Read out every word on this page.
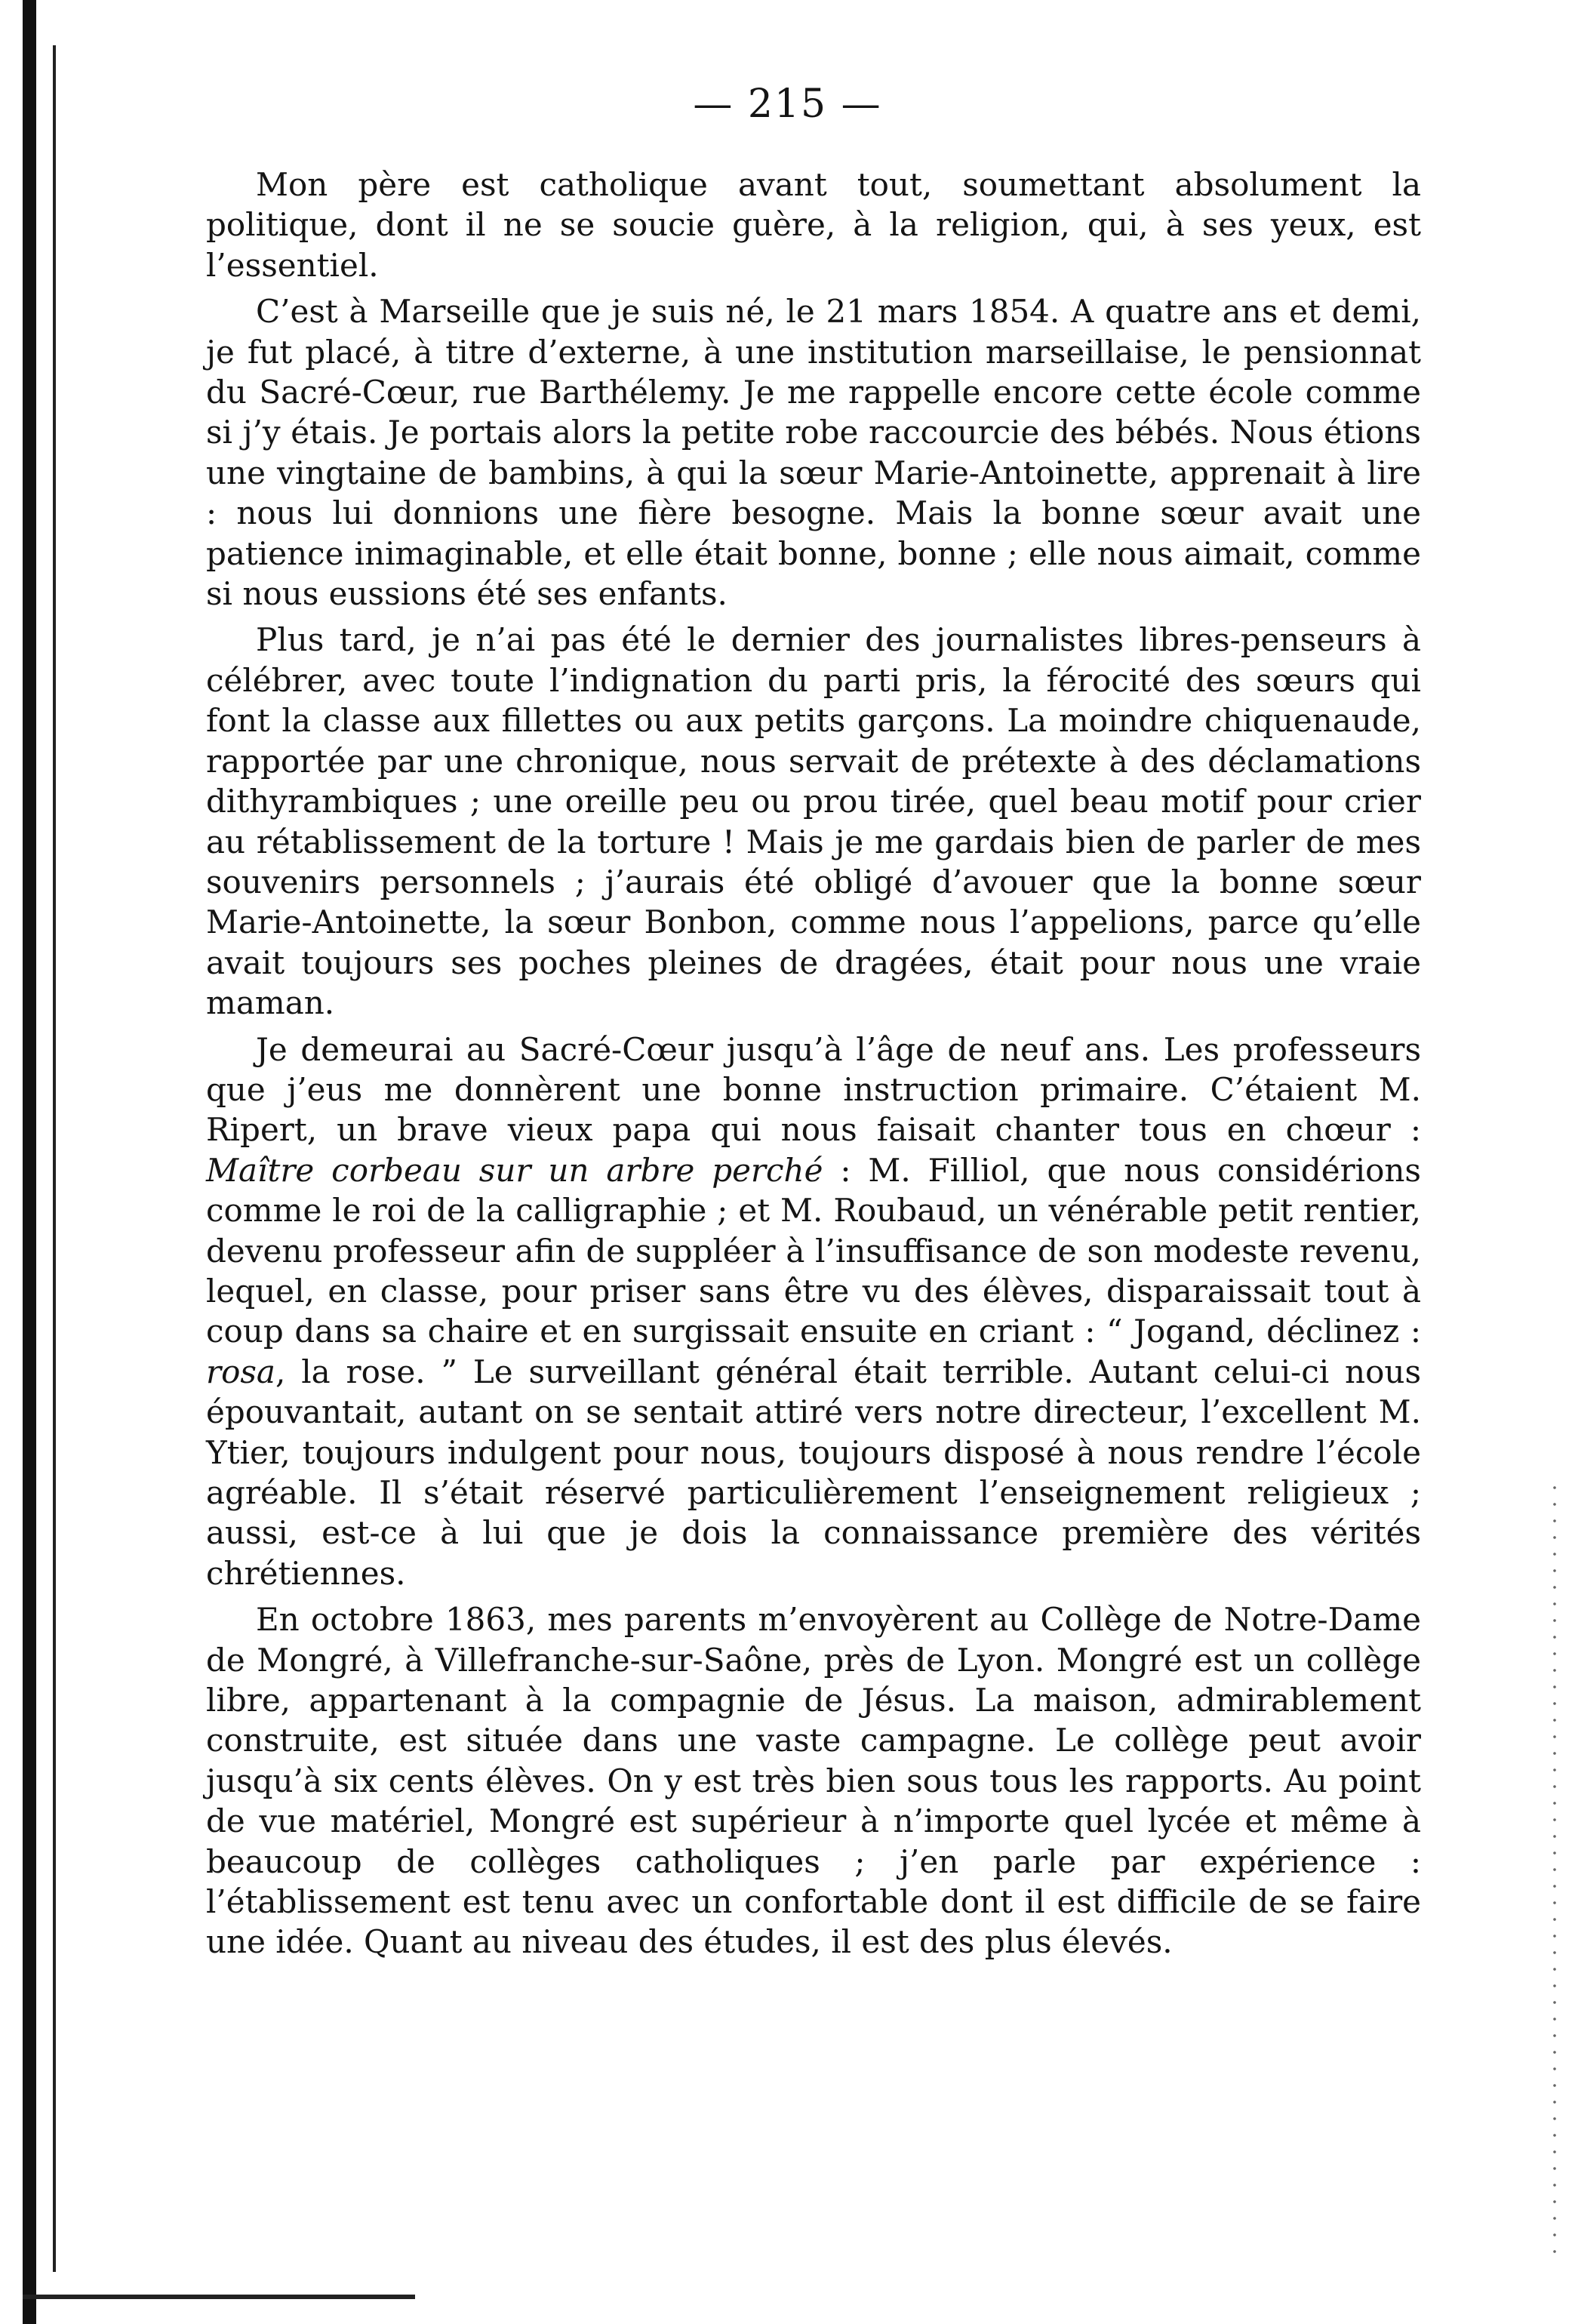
— 215 —

Mon père est catholique avant tout, soumettant absolument la politique, dont il ne se soucie guère, à la religion, qui, à ses yeux, est l’essentiel.

C’est à Marseille que je suis né, le 21 mars 1854. A quatre ans et demi, je fut placé, à titre d’externe, à une institution marseillaise, le pensionnat du Sacré-Cœur, rue Barthélemy. Je me rappelle encore cette école comme si j’y étais. Je portais alors la petite robe raccourcie des bébés. Nous étions une vingtaine de bambins, à qui la sœur Marie-Antoinette, apprenait à lire : nous lui donnions une fière besogne. Mais la bonne sœur avait une patience inimaginable, et elle était bonne, bonne ; elle nous aimait, comme si nous eussions été ses enfants.

Plus tard, je n’ai pas été le dernier des journalistes libres-penseurs à célébrer, avec toute l’indignation du parti pris, la férocité des sœurs qui font la classe aux fillettes ou aux petits garçons. La moindre chiquenaude, rapportée par une chronique, nous servait de prétexte à des déclamations dithyrambiques ; une oreille peu ou prou tirée, quel beau motif pour crier au rétablissement de la torture ! Mais je me gardais bien de parler de mes souvenirs personnels ; j’aurais été obligé d’avouer que la bonne sœur Marie-Antoinette, la sœur Bonbon, comme nous l’appelions, parce qu’elle avait toujours ses poches pleines de dragées, était pour nous une vraie maman.

Je demeurai au Sacré-Cœur jusqu’à l’âge de neuf ans. Les professeurs que j’eus me donnèrent une bonne instruction primaire. C’étaient M. Ripert, un brave vieux papa qui nous faisait chanter tous en chœur : Maître corbeau sur un arbre perché : M. Filliol, que nous considérions comme le roi de la calligraphie ; et M. Roubaud, un vénérable petit rentier, devenu professeur afin de suppléer à l’insuffisance de son modeste revenu, lequel, en classe, pour priser sans être vu des élèves, disparaissait tout à coup dans sa chaire et en surgissait ensuite en criant : “ Jogand, déclinez : rosa, la rose. ” Le surveillant général était terrible. Autant celui-ci nous épouvantait, autant on se sentait attiré vers notre directeur, l’excellent M. Ytier, toujours indulgent pour nous, toujours disposé à nous rendre l’école agréable. Il s’était réservé particulièrement l’enseignement religieux ; aussi, est-ce à lui que je dois la connaissance première des vérités chrétiennes.

En octobre 1863, mes parents m’envoyèrent au Collège de Notre-Dame de Mongré, à Villefranche-sur-Saône, près de Lyon. Mongré est un collège libre, appartenant à la compagnie de Jésus. La maison, admirablement construite, est située dans une vaste campagne. Le collège peut avoir jusqu’à six cents élèves. On y est très bien sous tous les rapports. Au point de vue matériel, Mongré est supérieur à n’importe quel lycée et même à beaucoup de collèges catholiques ; j’en parle par expérience : l’établissement est tenu avec un confortable dont il est difficile de se faire une idée. Quant au niveau des études, il est des plus élevés.
